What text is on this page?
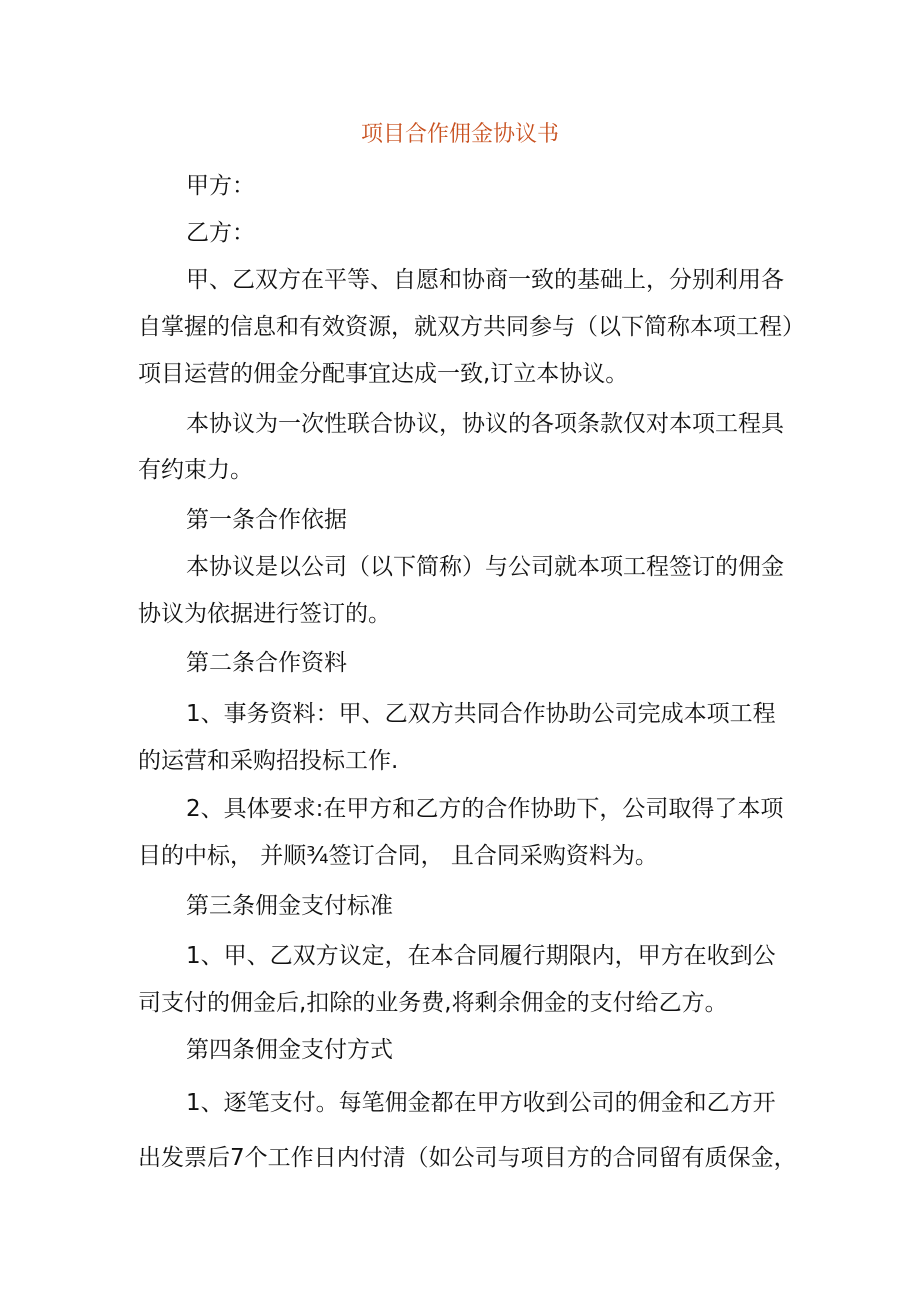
项目合作佣金协议书
甲方：
乙方：
甲、乙双方在平等、自愿和协商一致的基础上，分别利用各
自掌握的信息和有效资源，就双方共同参与（以下简称本项工程）
项目运营的佣金分配事宜达成一致,订立本协议。
本协议为一次性联合协议，协议的各项条款仅对本项工程具
有约束力。
第一条合作依据
本协议是以公司（以下简称）与公司就本项工程签订的佣金
协议为依据进行签订的。
第二条合作资料
1、事务资料：甲、乙双方共同合作协助公司完成本项工程
的运营和采购招投标工作.
2、具体要求:在甲方和乙方的合作协助下，公司取得了本项
目的中标， 并顺¾签订合同， 且合同采购资料为。
第三条佣金支付标准
1、甲、乙双方议定，在本合同履行期限内，甲方在收到公
司支付的佣金后,扣除的业务费,将剩余佣金的支付给乙方。
第四条佣金支付方式
1、逐笔支付。每笔佣金都在甲方收到公司的佣金和乙方开
出发票后7个工作日内付清（如公司与项目方的合同留有质保金，
